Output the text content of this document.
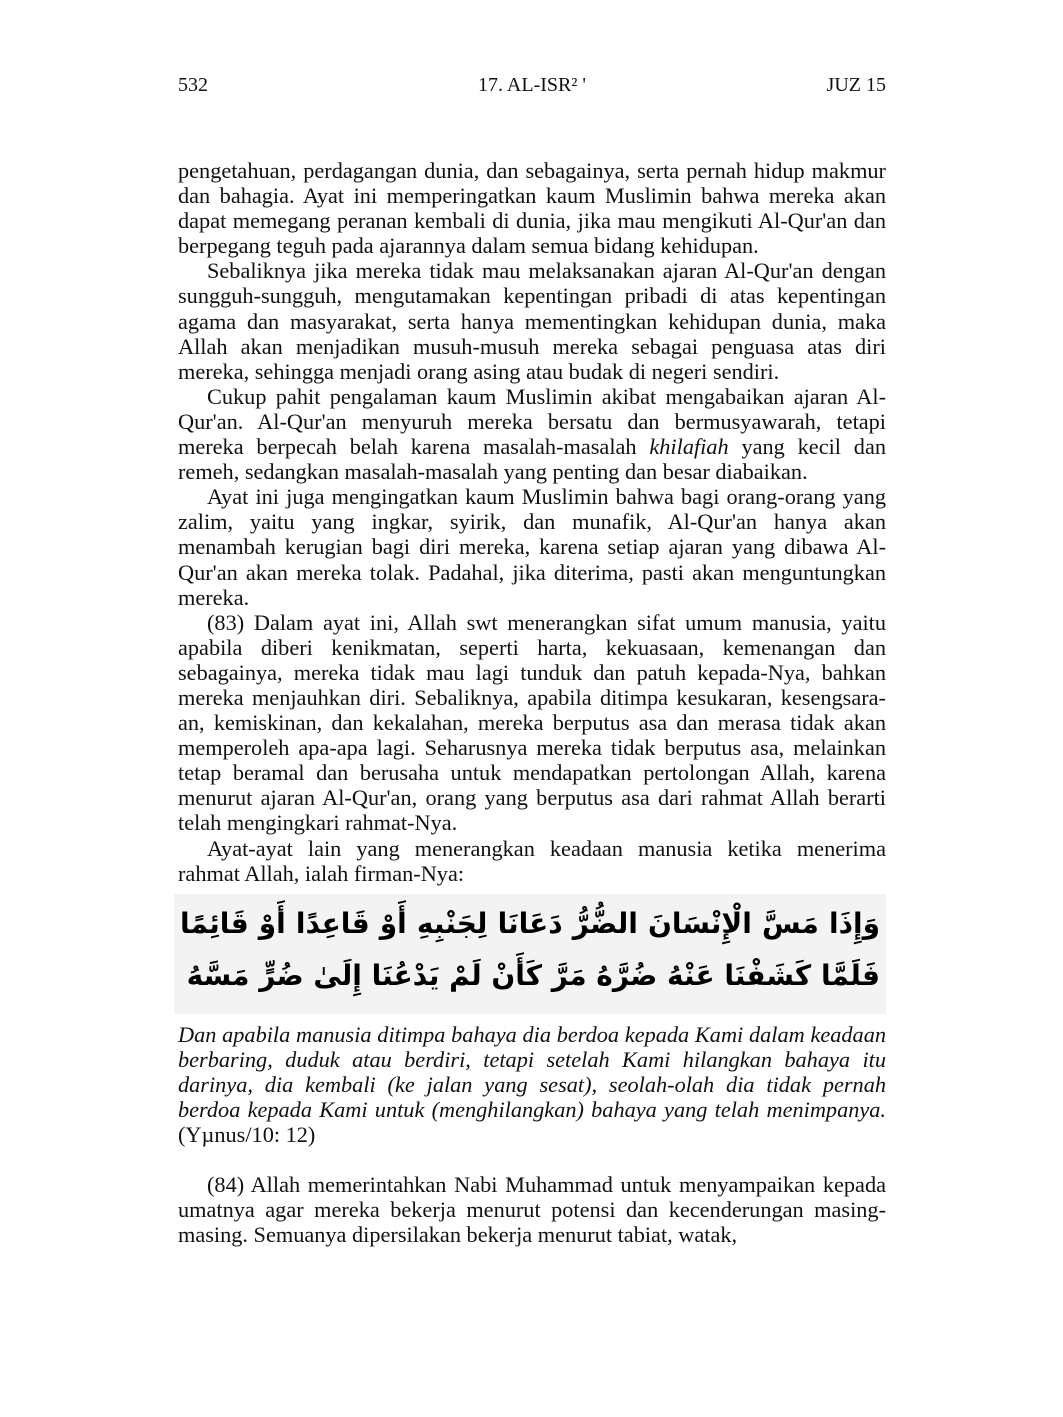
532	17. AL-ISR² '	JUZ 15

pengetahuan, perdagangan dunia, dan sebagainya, serta pernah hidup makmur dan bahagia. Ayat ini memperingatkan kaum Muslimin bahwa mereka akan dapat memegang peranan kembali di dunia, jika mau mengikuti Al-Qur'an dan berpegang teguh pada ajarannya dalam semua bidang kehidupan.

Sebaliknya jika mereka tidak mau melaksanakan ajaran Al-Qur'an dengan sungguh-sungguh, mengutamakan kepentingan pribadi di atas kepentingan agama dan masyarakat, serta hanya mementingkan kehidupan dunia, maka Allah akan menjadikan musuh-musuh mereka sebagai penguasa atas diri mereka, sehingga menjadi orang asing atau budak di negeri sendiri.

Cukup pahit pengalaman kaum Muslimin akibat mengabaikan ajaran Al-Qur'an. Al-Qur'an menyuruh mereka bersatu dan bermusyawarah, tetapi mereka berpecah belah karena masalah-masalah khilafiah yang kecil dan remeh, sedangkan masalah-masalah yang penting dan besar diabaikan.

Ayat ini juga mengingatkan kaum Muslimin bahwa bagi orang-orang yang zalim, yaitu yang ingkar, syirik, dan munafik, Al-Qur'an hanya akan menambah kerugian bagi diri mereka, karena setiap ajaran yang dibawa Al-Qur'an akan mereka tolak. Padahal, jika diterima, pasti akan menguntungkan mereka.

(83) Dalam ayat ini, Allah swt menerangkan sifat umum manusia, yaitu apabila diberi kenikmatan, seperti harta, kekuasaan, kemenangan dan sebagainya, mereka tidak mau lagi tunduk dan patuh kepada-Nya, bahkan mereka menjauhkan diri. Sebaliknya, apabila ditimpa kesukaran, kesengsara-an, kemiskinan, dan kekalahan, mereka berputus asa dan merasa tidak akan memperoleh apa-apa lagi. Seharusnya mereka tidak berputus asa, melainkan tetap beramal dan berusaha untuk mendapatkan pertolongan Allah, karena menurut ajaran Al-Qur'an, orang yang berputus asa dari rahmat Allah berarti telah mengingkari rahmat-Nya.

Ayat-ayat lain yang menerangkan keadaan manusia ketika menerima rahmat Allah, ialah firman-Nya:

وَإِذَا مَسَّ الْإِنْسَانَ الضُّرُّ دَعَانَا لِجَنْبِهِ أَوْ قَاعِدًا أَوْ قَائِمًا فَلَمَّا كَشَفْنَا عَنْهُ ضُرَّهُ مَرَّ كَأَنْ لَمْ يَدْعُنَا إِلَىٰ ضُرٍّ مَسَّهُ

Dan apabila manusia ditimpa bahaya dia berdoa kepada Kami dalam keadaan berbaring, duduk atau berdiri, tetapi setelah Kami hilangkan bahaya itu darinya, dia kembali (ke jalan yang sesat), seolah-olah dia tidak pernah berdoa kepada Kami untuk (menghilangkan) bahaya yang telah menimpanya. (Yµnus/10: 12)

(84) Allah memerintahkan Nabi Muhammad untuk menyampaikan kepada umatnya agar mereka bekerja menurut potensi dan kecenderungan masing-masing. Semuanya dipersilakan bekerja menurut tabiat, watak,
